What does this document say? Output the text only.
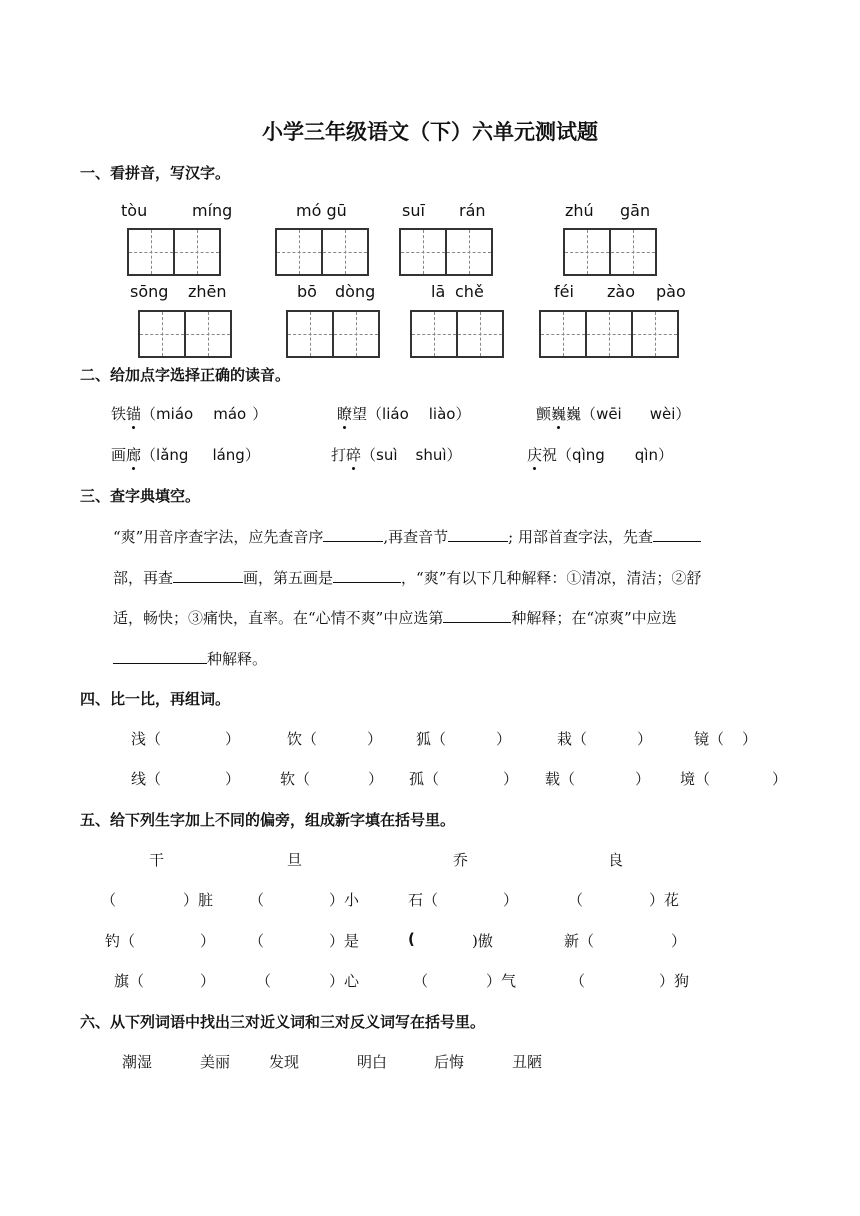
小学三年级语文（下）六单元测试题
一、看拼音，写汉字。
tòu	míng	mó gū	suī rán	zhú gān
sōng zhēn	bō dòng	lā chě	féi zào pào
二、给加点字选择正确的读音。
铁锚（miáo máo ）	瞭望（liáo liào）	颤巍巍（wēi wèi）
画廊（lǎng láng）	打碎（suì shuì）	庆祝（qìng qìn）
三、查字典填空。
“爽”用音序查字法，应先查音序	,再查音节	; 用部首查字法，先查
部，再查	画，第五画是	，“爽”有以下几种解释：①清凉，清洁；②舒
适，畅快；③痛快，直率。在“心情不爽”中应选第	种解释；在“凉爽”中应选
种解释。
四、比一比，再组词。
浅（	）	饮（	） 狐（	）	栽（	）	镜（ ）
线（	）	软（	） 孤（	） 载（	） 境（	）
五、给下列生字加上不同的偏旁，组成新字填在括号里。
干	旦	乔	良
（	）脏 （	）小	石（	）	（	）花
钓（	） （	）是	(	)傲	新（	）
旗（	）	（	）心	（	）气	（	）狗
六、从下列词语中找出三对近义词和三对反义词写在括号里。
潮湿	美丽	发现	明白	后悔	丑陋
